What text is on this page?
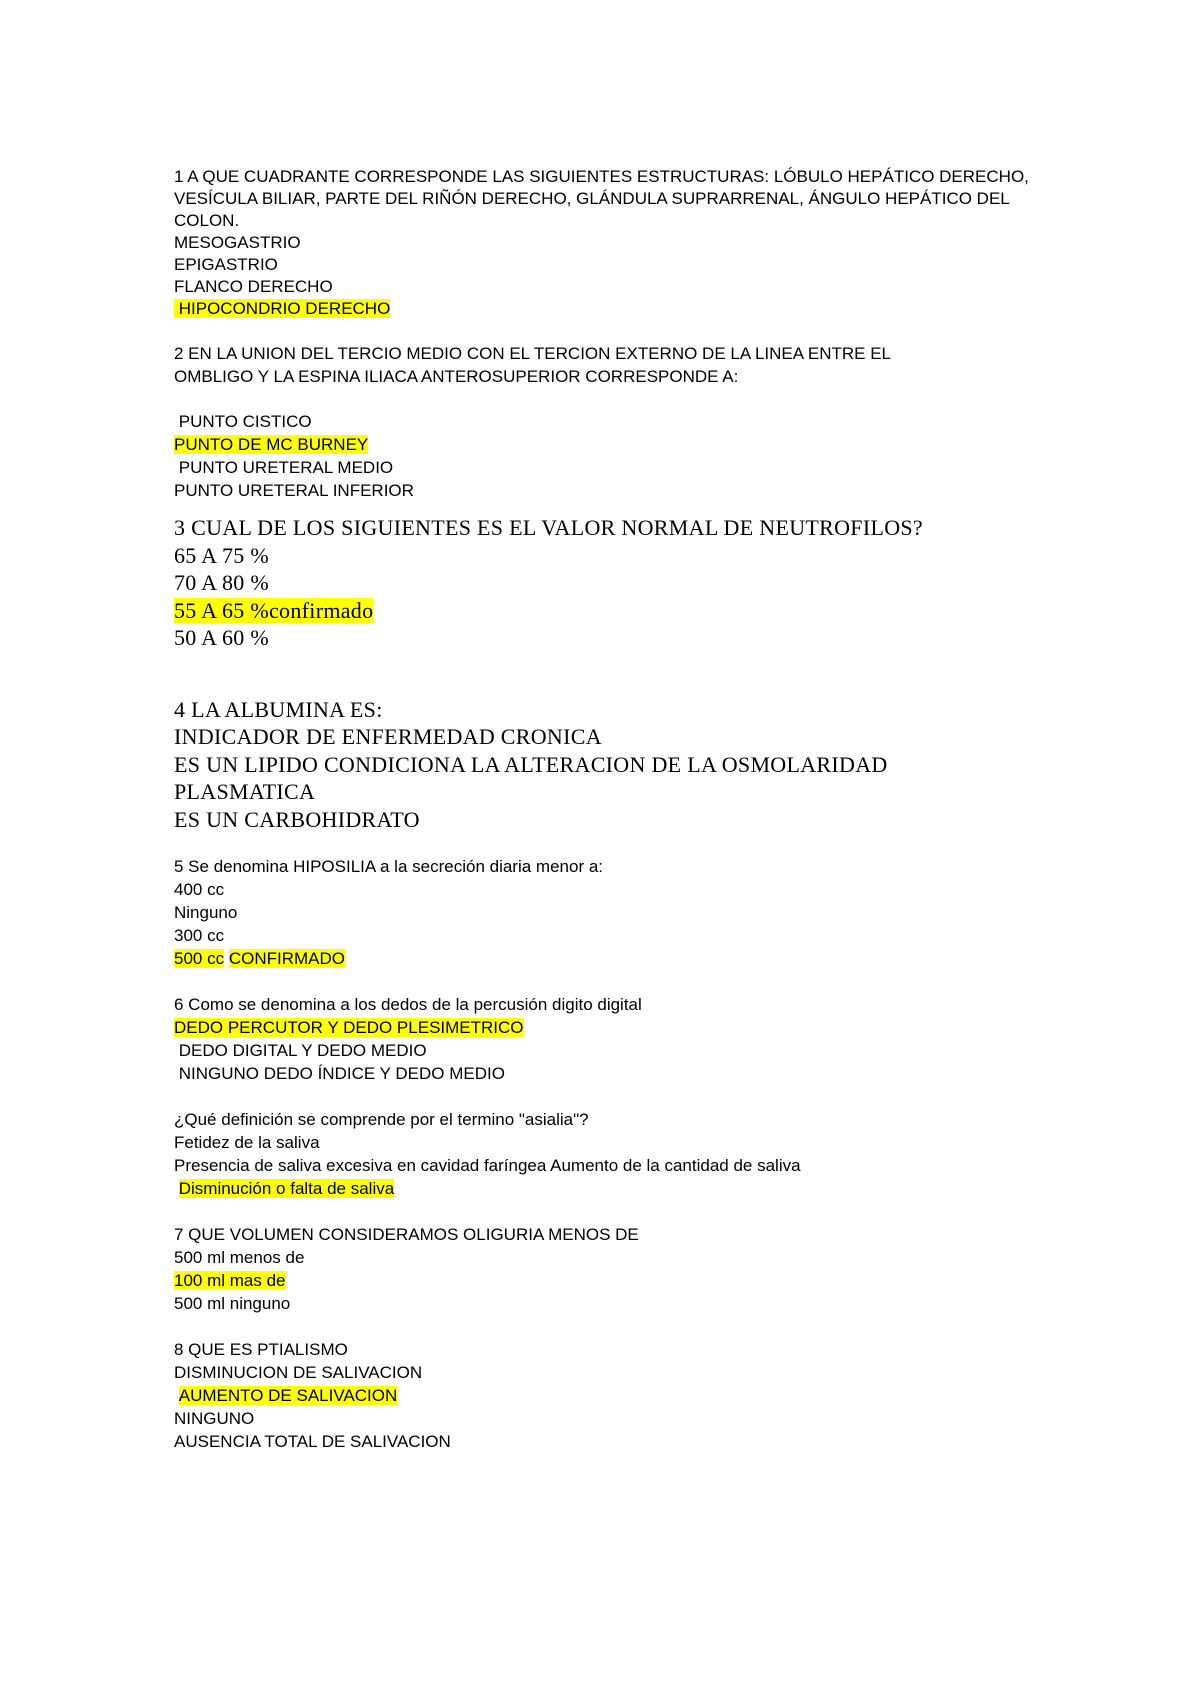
1 A QUE CUADRANTE CORRESPONDE LAS SIGUIENTES ESTRUCTURAS: LÓBULO HEPÁTICO DERECHO,
VESÍCULA BILIAR, PARTE DEL RIÑÓN DERECHO, GLÁNDULA SUPRARRENAL, ÁNGULO HEPÁTICO DEL
COLON.
MESOGASTRIO
EPIGASTRIO
FLANCO DERECHO
HIPOCONDRIO DERECHO
2 EN LA UNION DEL TERCIO MEDIO CON EL TERCION EXTERNO DE LA LINEA ENTRE EL
OMBLIGO Y LA ESPINA ILIACA ANTEROSUPERIOR CORRESPONDE A:
PUNTO CISTICO
PUNTO DE MC BURNEY
PUNTO URETERAL MEDIO
PUNTO URETERAL INFERIOR
3 CUAL DE LOS SIGUIENTES ES EL VALOR NORMAL DE NEUTROFILOS?
65 A 75 %
70 A 80 %
55 A 65 %confirmado
50 A 60 %
4 LA ALBUMINA ES:
INDICADOR DE ENFERMEDAD CRONICA
ES UN LIPIDO CONDICIONA LA ALTERACION DE LA OSMOLARIDAD
PLASMATICA
ES UN CARBOHIDRATO
5 Se denomina HIPOSILIA a la secreción diaria menor a:
400 cc
Ninguno
300 cc
500 cc CONFIRMADO
6 Como se denomina a los dedos de la percusión digito digital
DEDO PERCUTOR Y DEDO PLESIMETRICO
DEDO DIGITAL Y DEDO MEDIO
NINGUNO DEDO ÍNDICE Y DEDO MEDIO
¿Qué definición se comprende por el termino "asialia"?
Fetidez de la saliva
Presencia de saliva excesiva en cavidad faríngea Aumento de la cantidad de saliva
Disminución o falta de saliva
7 QUE VOLUMEN CONSIDERAMOS OLIGURIA MENOS DE
500 ml menos de
100 ml mas de
500 ml ninguno
8 QUE ES PTIALISMO
DISMINUCION DE SALIVACION
AUMENTO DE SALIVACION
NINGUNO
AUSENCIA TOTAL DE SALIVACION
